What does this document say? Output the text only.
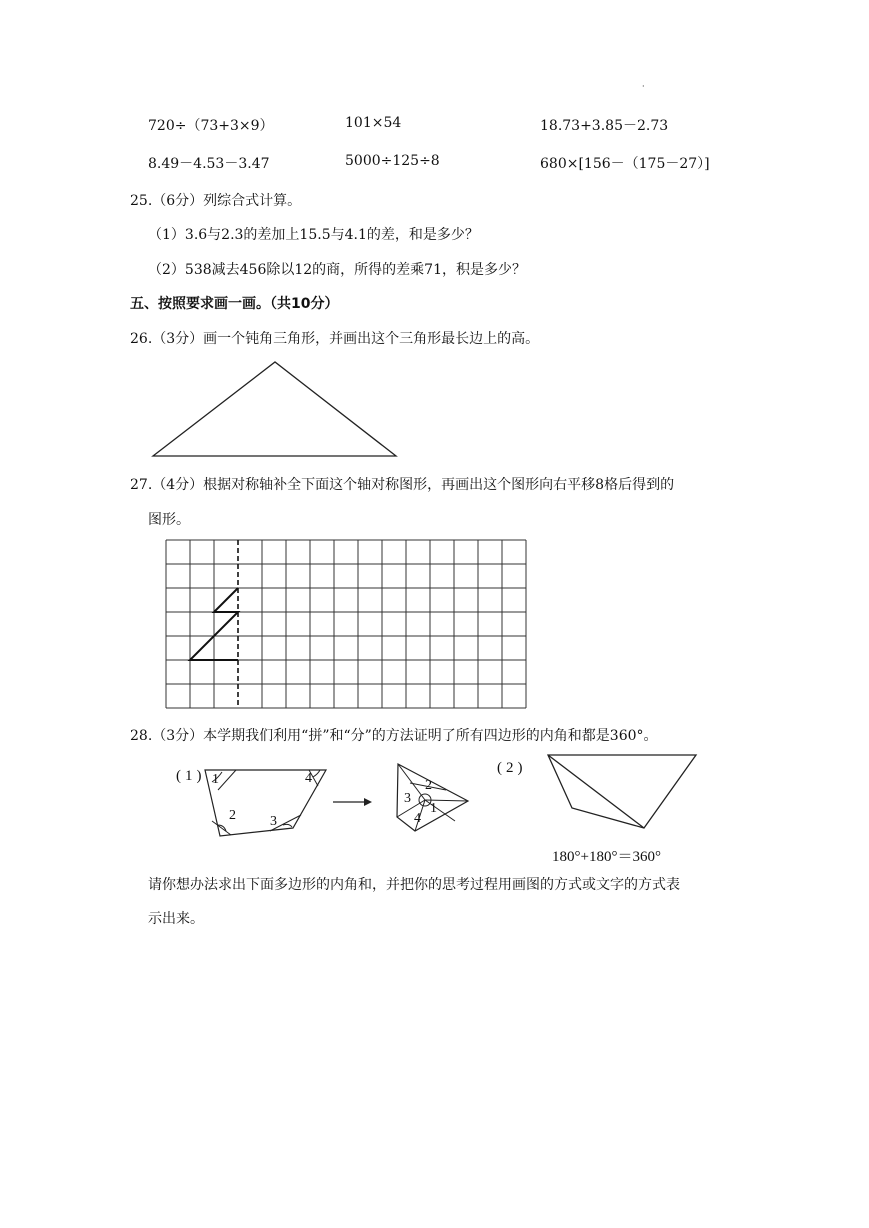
·
720÷（73+3×9）	101×54	18.73+3.85－2.73
8.49－4.53－3.47	5000÷125÷8	680×[156－（175－27）]
25.（6分）列综合式计算。
（1）3.6与2.3的差加上15.5与4.1的差，和是多少？
（2）538减去456除以12的商，所得的差乘71，积是多少？
五、按照要求画一画。（共10分）
26.（3分）画一个钝角三角形，并画出这个三角形最长边上的高。
27.（4分）根据对称轴补全下面这个轴对称图形，再画出这个图形向右平移8格后得到的
图形。
28.（3分）本学期我们利用“拼”和“分”的方法证明了所有四边形的内角和都是360°。
(1)	(2)
1
2 3
4	2
3
1
4
180°+180°＝360°
请你想办法求出下面多边形的内角和，并把你的思考过程用画图的方式或文字的方式表
示出来。
